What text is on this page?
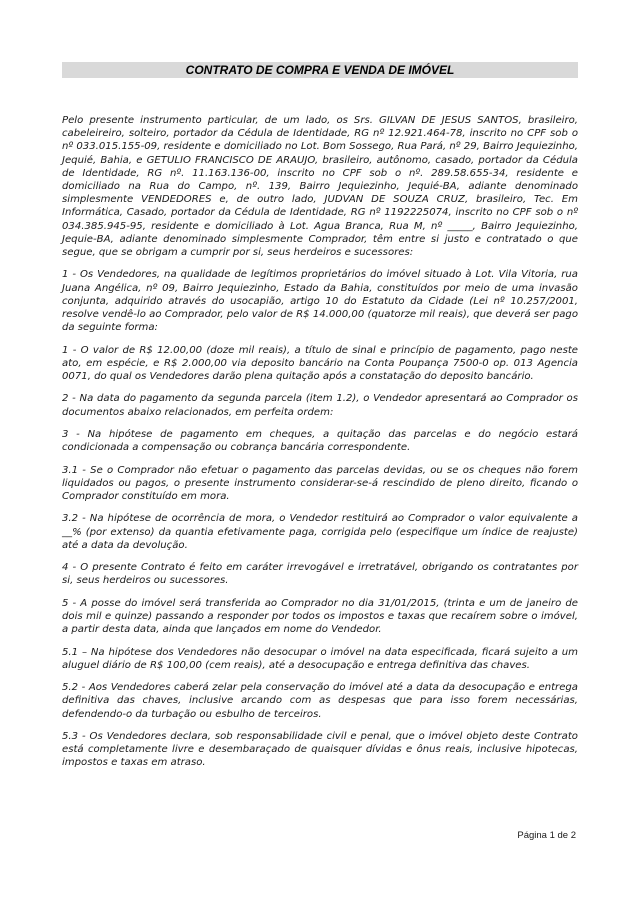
CONTRATO DE COMPRA E VENDA DE IMÓVEL

Pelo presente instrumento particular, de um lado, os Srs. GILVAN DE JESUS SANTOS, brasileiro, cabeleireiro, solteiro, portador da Cédula de Identidade, RG nº 12.921.464-78, inscrito no CPF sob o nº 033.015.155-09, residente e domiciliado no Lot. Bom Sossego, Rua Pará, nº 29, Bairro Jequiezinho, Jequié, Bahia, e GETULIO FRANCISCO DE ARAUJO, brasileiro, autônomo, casado, portador da Cédula de Identidade, RG nº. 11.163.136-00, inscrito no CPF sob o nº. 289.58.655-34, residente e domiciliado na Rua do Campo, nº. 139, Bairro Jequiezinho, Jequié-BA, adiante denominado simplesmente VENDEDORES e, de outro lado, JUDVAN DE SOUZA CRUZ, brasileiro, Tec. Em Informática, Casado, portador da Cédula de Identidade, RG nº 1192225074, inscrito no CPF sob o nº 034.385.945-95, residente e domiciliado à Lot. Agua Branca, Rua M, nº _____, Bairro Jequiezinho, Jequie-BA, adiante denominado simplesmente Comprador, têm entre si justo e contratado o que segue, que se obrigam a cumprir por si, seus herdeiros e sucessores:

1 - Os Vendedores, na qualidade de legítimos proprietários do imóvel situado à Lot. Vila Vitoria, rua Juana Angélica, nº 09, Bairro Jequiezinho, Estado da Bahia, constituídos por meio de uma invasão conjunta, adquirido através do usocapião, artigo 10 do Estatuto da Cidade (Lei nº 10.257/2001, resolve vendê-lo ao Comprador, pelo valor de R$ 14.000,00 (quatorze mil reais), que deverá ser pago da seguinte forma:

1 - O valor de R$ 12.00,00 (doze mil reais), a título de sinal e princípio de pagamento, pago neste ato, em espécie, e R$ 2.000,00 via deposito bancário na Conta Poupança 7500-0 op. 013 Agencia 0071, do qual os Vendedores darão plena quitação após a constatação do deposito bancário.

2 - Na data do pagamento da segunda parcela (item 1.2), o Vendedor apresentará ao Comprador os documentos abaixo relacionados, em perfeita ordem:

3 - Na hipótese de pagamento em cheques, a quitação das parcelas e do negócio estará condicionada a compensação ou cobrança bancária correspondente.

3.1 - Se o Comprador não efetuar o pagamento das parcelas devidas, ou se os cheques não forem liquidados ou pagos, o presente instrumento considerar-se-á rescindido de pleno direito, ficando o Comprador constituído em mora.

3.2 - Na hipótese de ocorrência de mora, o Vendedor restituirá ao Comprador o valor equivalente a __% (por extenso) da quantia efetivamente paga, corrigida pelo (especifique um índice de reajuste) até a data da devolução.

4 - O presente Contrato é feito em caráter irrevogável e irretratável, obrigando os contratantes por si, seus herdeiros ou sucessores.

5 - A posse do imóvel será transferida ao Comprador no dia 31/01/2015, (trinta e um de janeiro de dois mil e quinze) passando a responder por todos os impostos e taxas que recaírem sobre o imóvel, a partir desta data, ainda que lançados em nome do Vendedor.

5.1 – Na hipótese dos Vendedores não desocupar o imóvel na data especificada, ficará sujeito a um aluguel diário de R$ 100,00 (cem reais), até a desocupação e entrega definitiva das chaves.

5.2 - Aos Vendedores caberá zelar pela conservação do imóvel até a data da desocupação e entrega definitiva das chaves, inclusive arcando com as despesas que para isso forem necessárias, defendendo-o da turbação ou esbulho de terceiros.

5.3 - Os Vendedores declara, sob responsabilidade civil e penal, que o imóvel objeto deste Contrato está completamente livre e desembaraçado de quaisquer dívidas e ônus reais, inclusive hipotecas, impostos e taxas em atraso.

Página 1 de 2
